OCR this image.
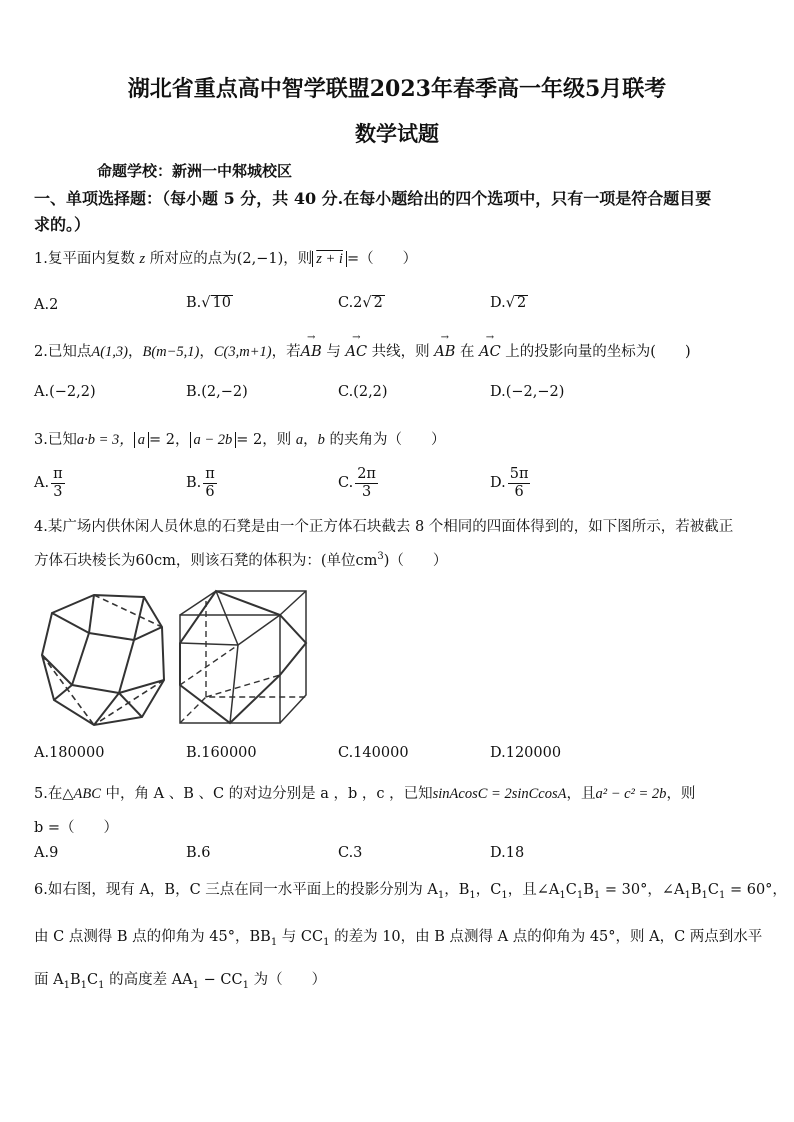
湖北省重点高中智学联盟2023年春季高一年级5月联考
数学试题
命题学校：新洲一中邾城校区
一、单项选择题：（每小题 5 分，共 40 分.在每小题给出的四个选项中，只有一项是符合题目要
求的。）
1.复平面内复数 z 所对应的点为(2,−1)，则 z + i =（　　）
A.2	B.√ 10	C.2√ 2	D.√ 2
2.已知点A(1,3)，B(m−5,1)，C(3,m+1)，若→ AB 与 → AC 共线，则 → AB 在 → AC 上的投影向量的坐标为(　　)
A.(−2,2)	B.(2,−2)	C.(2,2)	D.(−2,−2)
3.已知a·b = 3， a = 2， a − 2b = 2，则 a，b 的夹角为（　　）
A. $\frac{\pi}{3}$	B. $\frac{\pi}{6}$	C. $\frac{2\pi}{3}$	D. $\frac{5\pi}{6}$
4.某广场内供休闲人员休息的石凳是由一个正方体石块截去 8 个相同的四面体得到的，如下图所示，若被截正
方体石块棱长为60cm，则该石凳的体积为：(单位$cm^3$)（　　）
A.180000	B.160000	C.140000	D.120000
5.在△ABC 中，角 A 、B 、C 的对边分别是 a ，b ，c ，已知sinAcosC = 2sinCcosA，且a² − c² = 2b，则
b =（　　）
A.9	B.6	C.3	D.18
6.如右图，现有 A，B，C 三点在同一水平面上的投影分别为 $A_1$，$B_1$，$C_1$，且$\angle A_1C_1B_1 = 30^\circ$，$\angle A_1B_1C_1 = 60^\circ$，
由 C 点测得 B 点的仰角为 45°，$BB_1$ 与 $CC_1$ 的差为 10，由 B 点测得 A 点的仰角为 45°，则 A，C 两点到水平
面 $A_1B_1C_1$ 的高度差 $AA_1 - CC_1$ 为（　　）
